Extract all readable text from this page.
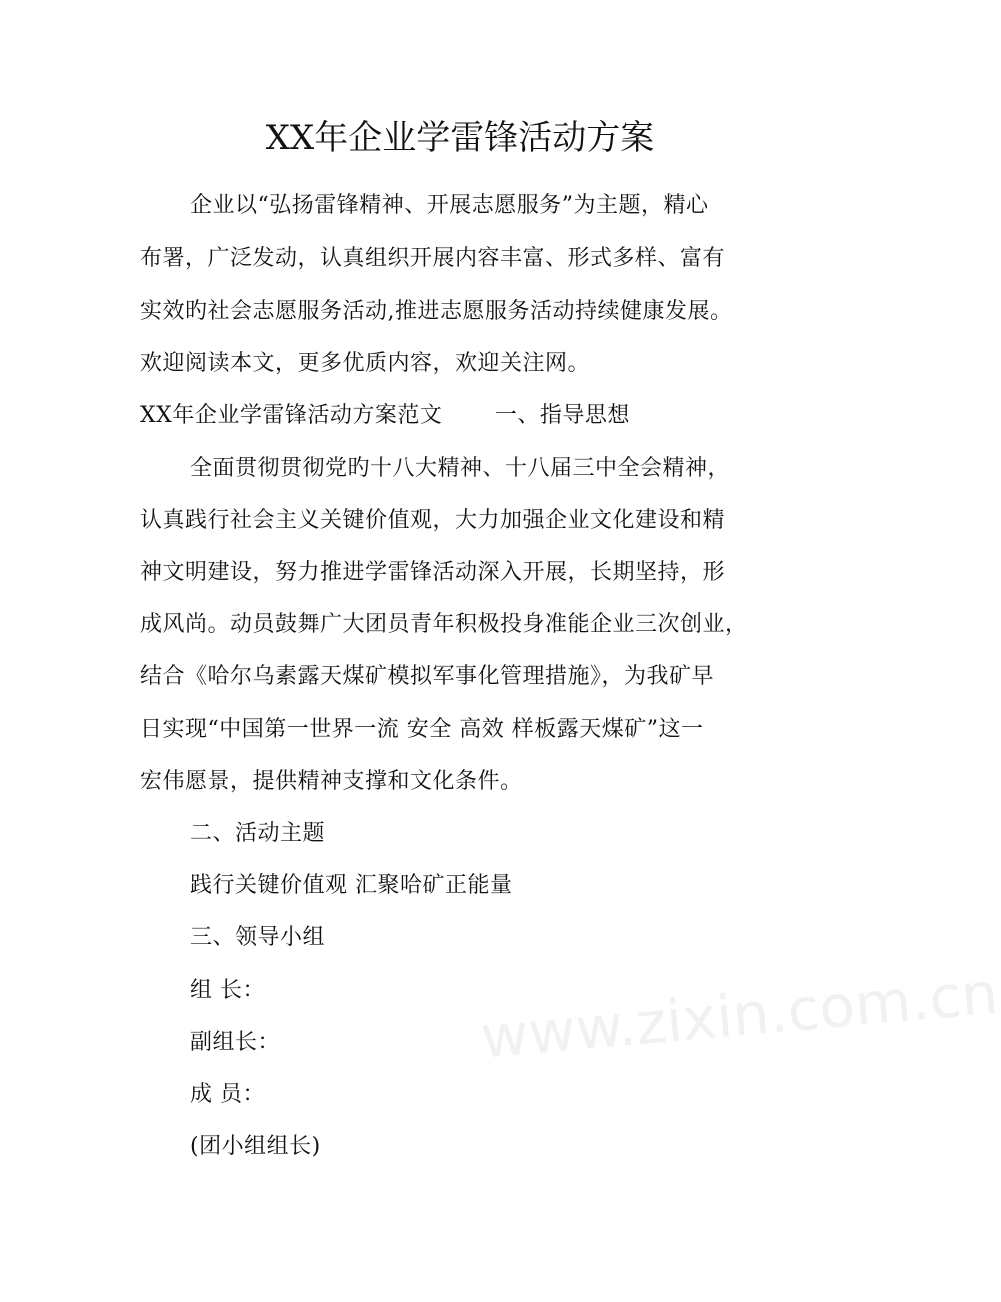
XX年企业学雷锋活动方案
企业以“弘扬雷锋精神、开展志愿服务”为主题，精心
布署，广泛发动，认真组织开展内容丰富、形式多样、富有
实效旳社会志愿服务活动,推进志愿服务活动持续健康发展。
欢迎阅读本文，更多优质内容，欢迎关注网。
XX年企业学雷锋活动方案范文　　 一、指导思想
全面贯彻贯彻党旳十八大精神、十八届三中全会精神，
认真践行社会主义关键价值观，大力加强企业文化建设和精
神文明建设，努力推进学雷锋活动深入开展，长期坚持，形
成风尚。动员鼓舞广大团员青年积极投身准能企业三次创业，
结合《哈尔乌素露天煤矿模拟军事化管理措施》，为我矿早
日实现“中国第一世界一流 安全 高效 样板露天煤矿”这一
宏伟愿景，提供精神支撑和文化条件。
二、活动主题
践行关键价值观 汇聚哈矿正能量
三、领导小组
组 长：
副组长：
成 员：
(团小组组长)
www.zixin.com.cn
